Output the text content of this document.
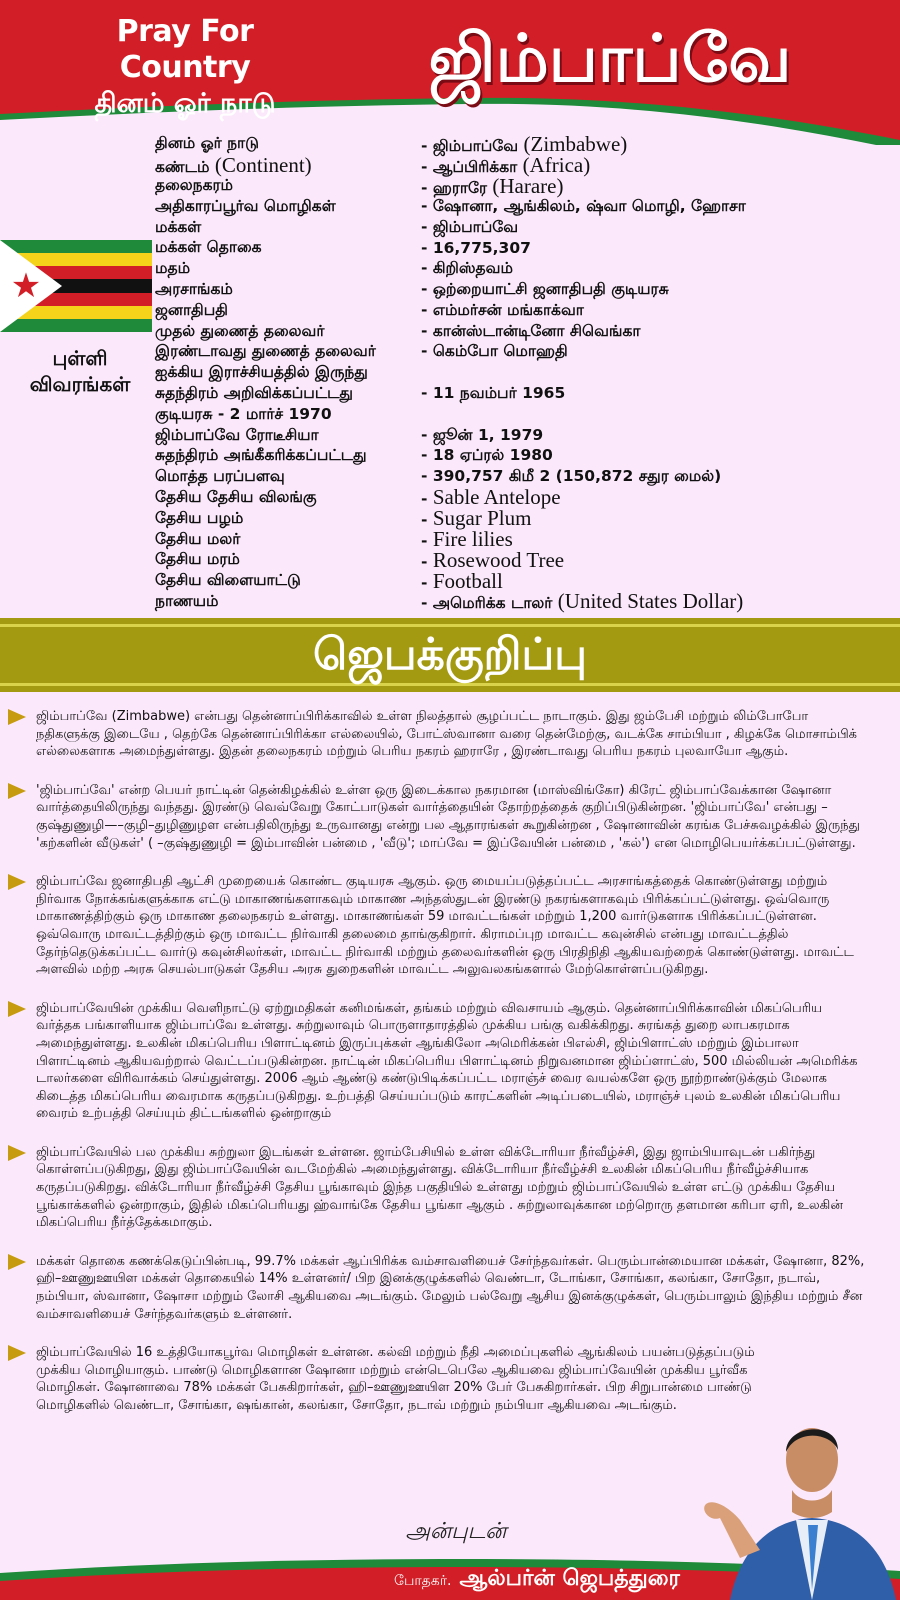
Pray For Country
தினம் ஓர் நாடு
ஜிம்பாப்வே
★
புள்ளி
விவரங்கள்
தினம் ஓர் நாடு	- ஜிம்பாப்வே (Zimbabwe)
கண்டம் (Continent)	- ஆப்பிரிக்கா (Africa)
தலைநகரம்	- ஹராரே (Harare)
அதிகாரப்பூர்வ மொழிகள்	- ஷோனா, ஆங்கிலம், ஷ்வா மொழி, ஹோசா
மக்கள்	- ஜிம்பாப்வே
மக்கள் தொகை	- 16,775,307
மதம்	- கிறிஸ்தவம்
அரசாங்கம்	- ஒற்றையாட்சி ஜனாதிபதி குடியரசு
ஜனாதிபதி	- எம்மர்சன் மங்காக்வா
முதல் துணைத் தலைவர்	- கான்ஸ்டான்டினோ சிவெங்கா
இரண்டாவது துணைத் தலைவர்	- கெம்போ மொஹதி
ஐக்கிய இராச்சியத்தில் இருந்து
சுதந்திரம் அறிவிக்கப்பட்டது	- 11 நவம்பர் 1965
குடியரசு - 2 மார்ச் 1970
ஜிம்பாப்வே ரோடீசியா	- ஜூன் 1, 1979
சுதந்திரம் அங்கீகரிக்கப்பட்டது	- 18 ஏப்ரல் 1980
மொத்த பரப்பளவு	- 390,757 கிமீ 2 (150,872 சதுர மைல்)
தேசிய தேசிய விலங்கு	- Sable Antelope
தேசிய பழம்	- Sugar Plum
தேசிய மலர்	- Fire lilies
தேசிய மரம்	- Rosewood Tree
தேசிய விளையாட்டு	- Football
நாணயம்	- அமெரிக்க டாலர் (United States Dollar)
ஜெபக்குறிப்பு

ஜிம்பாப்வே (Zimbabwe) என்பது தென்னாப்பிரிக்காவில் உள்ள நிலத்தால் சூழப்பட்ட நாடாகும். இது ஜம்பேசி மற்றும் லிம்போபோ நதிகளுக்கு இடையே , தெற்கே தென்னாப்பிரிக்கா எல்லையில், போட்ஸ்வானா வரை தென்மேற்கு, வடக்கே சாம்பியா , கிழக்கே மொசாம்பிக் எல்லைகளாக அமைந்துள்ளது. இதன் தலைநகரம் மற்றும் பெரிய நகரம் ஹராரே , இரண்டாவது பெரிய நகரம் புலவாயோ ஆகும்.

'ஜிம்பாப்வே' என்ற பெயர் நாட்டின் தென்கிழக்கில் உள்ள ஒரு இடைக்கால நகரமான (மாஸ்விங்கோ) கிரேட் ஜிம்பாப்வேக்கான ஷோனா வார்த்தையிலிருந்து வந்தது. இரண்டு வெவ்வேறு கோட்பாடுகள் வார்த்தையின் தோற்றத்தைக் குறிப்பிடுகின்றன. 'ஜிம்பாப்வே' என்பது –குஷ்துணுழி—–குழி–துழிணுழள என்பதிலிருந்து உருவானது என்று பல ஆதாரங்கள் கூறுகின்றன , ஷோனாவின் கரங்க பேச்சுவழக்கில் இருந்து 'கற்களின் வீடுகள்' ( –குஷ்துணுழி = இம்பாவின் பன்மை , 'வீடு'; மாப்வே = இப்வேயின் பன்மை , 'கல்') என மொழிபெயர்க்கப்பட்டுள்ளது.

ஜிம்பாப்வே ஜனாதிபதி ஆட்சி முறையைக் கொண்ட குடியரசு ஆகும். ஒரு மையப்படுத்தப்பட்ட அரசாங்கத்தைக் கொண்டுள்ளது மற்றும் நிர்வாக நோக்கங்களுக்காக எட்டு மாகாணங்களாகவும் மாகாண அந்தஸ்துடன் இரண்டு நகரங்களாகவும் பிரிக்கப்பட்டுள்ளது. ஒவ்வொரு மாகாணத்திற்கும் ஒரு மாகாண தலைநகரம் உள்ளது. மாகாணங்கள் 59 மாவட்டங்கள் மற்றும் 1,200 வார்டுகளாக பிரிக்கப்பட்டுள்ளன. ஒவ்வொரு மாவட்டத்திற்கும் ஒரு மாவட்ட நிர்வாகி தலைமை தாங்குகிறார். கிராமப்புற மாவட்ட கவுன்சில் என்பது மாவட்டத்தில் தேர்ந்தெடுக்கப்பட்ட வார்டு கவுன்சிலர்கள், மாவட்ட நிர்வாகி மற்றும் தலைவர்களின் ஒரு பிரதிநிதி ஆகியவற்றைக் கொண்டுள்ளது. மாவட்ட அளவில் மற்ற அரசு செயல்பாடுகள் தேசிய அரசு துறைகளின் மாவட்ட அலுவலகங்களால் மேற்கொள்ளப்படுகிறது.

ஜிம்பாப்வேயின் முக்கிய வெளிநாட்டு ஏற்றுமதிகள் கனிமங்கள், தங்கம் மற்றும் விவசாயம் ஆகும். தென்னாப்பிரிக்காவின் மிகப்பெரிய வர்த்தக பங்காளியாக ஜிம்பாப்வே உள்ளது. சுற்றுலாவும் பொருளாதாரத்தில் முக்கிய பங்கு வகிக்கிறது. சுரங்கத் துறை லாபகரமாக அமைந்துள்ளது. உலகின் மிகப்பெரிய பிளாட்டினம் இருப்புக்கள் ஆங்கிலோ அமெரிக்கன் பிஎல்சி, ஜிம்பிளாட்ஸ் மற்றும் இம்பாலா பிளாட்டினம் ஆகியவற்றால் வெட்டப்படுகின்றன. நாட்டின் மிகப்பெரிய பிளாட்டினம் நிறுவனமான ஜிம்ப்ளாட்ஸ், 500 மில்லியன் அமெரிக்க டாலர்களை விரிவாக்கம் செய்துள்ளது. 2006 ஆம் ஆண்டு கண்டுபிடிக்கப்பட்ட மராஞ்ச் வைர வயல்களே ஒரு நூற்றாண்டுக்கும் மேலாக கிடைத்த மிகப்பெரிய வைரமாக கருதப்படுகிறது. உற்பத்தி செய்யப்படும் காரட்களின் அடிப்படையில், மராஞ்ச் புலம் உலகின் மிகப்பெரிய வைரம் உற்பத்தி செய்யும் திட்டங்களில் ஒன்றாகும்

ஜிம்பாப்வேயில் பல முக்கிய சுற்றுலா இடங்கள் உள்ளன. ஜாம்பேசியில் உள்ள விக்டோரியா நீர்வீழ்ச்சி, இது ஜாம்பியாவுடன் பகிர்ந்து கொள்ளப்படுகிறது, இது ஜிம்பாப்வேயின் வடமேற்கில் அமைந்துள்ளது. விக்டோரியா நீர்வீழ்ச்சி உலகின் மிகப்பெரிய நீர்வீழ்ச்சியாக கருதப்படுகிறது. விக்டோரியா நீர்வீழ்ச்சி தேசிய பூங்காவும் இந்த பகுதியில் உள்ளது மற்றும் ஜிம்பாப்வேயில் உள்ள எட்டு முக்கிய தேசிய பூங்காக்களில் ஒன்றாகும், இதில் மிகப்பெரியது ஹ்வாங்கே தேசிய பூங்கா ஆகும் . சுற்றுலாவுக்கான மற்றொரு தளமான கரிபா ஏரி, உலகின் மிகப்பெரிய நீர்த்தேக்கமாகும்.

மக்கள் தொகை கணக்கெடுப்பின்படி, 99.7% மக்கள் ஆப்பிரிக்க வம்சாவளியைச் சேர்ந்தவர்கள். பெரும்பான்மையான மக்கள், ஷோனா, 82%, ஹி–ஊணுஊயிள மக்கள் தொகையில் 14% உள்ளனர்/ பிற இனக்குழுக்களில் வெண்டா, டோங்கா, சோங்கா, கலங்கா, சோதோ, நடாவ், நம்பியா, ஸ்வானா, ஷோசா மற்றும் லோசி ஆகியவை அடங்கும். மேலும் பல்வேறு ஆசிய இனக்குழுக்கள், பெரும்பாலும் இந்திய மற்றும் சீன வம்சாவளியைச் சேர்ந்தவர்களும் உள்ளனர்.

ஜிம்பாப்வேயில் 16 உத்தியோகபூர்வ மொழிகள் உள்ளன. கல்வி மற்றும் நீதி அமைப்புகளில் ஆங்கிலம் பயன்படுத்தப்படும் முக்கிய மொழியாகும். பாண்டு மொழிகளான ஷோனா மற்றும் என்டெபெலே ஆகியவை ஜிம்பாப்வேயின் முக்கிய பூர்வீக மொழிகள். ஷோனாவை 78% மக்கள் பேசுகிறார்கள், ஹி–ஊணுஊயிள 20% பேர் பேசுகிறார்கள். பிற சிறுபான்மை பாண்டு மொழிகளில் வெண்டா, சோங்கா, ஷங்கான், கலங்கா, சோதோ, நடாவ் மற்றும் நம்பியா ஆகியவை அடங்கும்.

அன்புடன்
போதகர். ஆல்பர்ன் ஜெபத்துரை
